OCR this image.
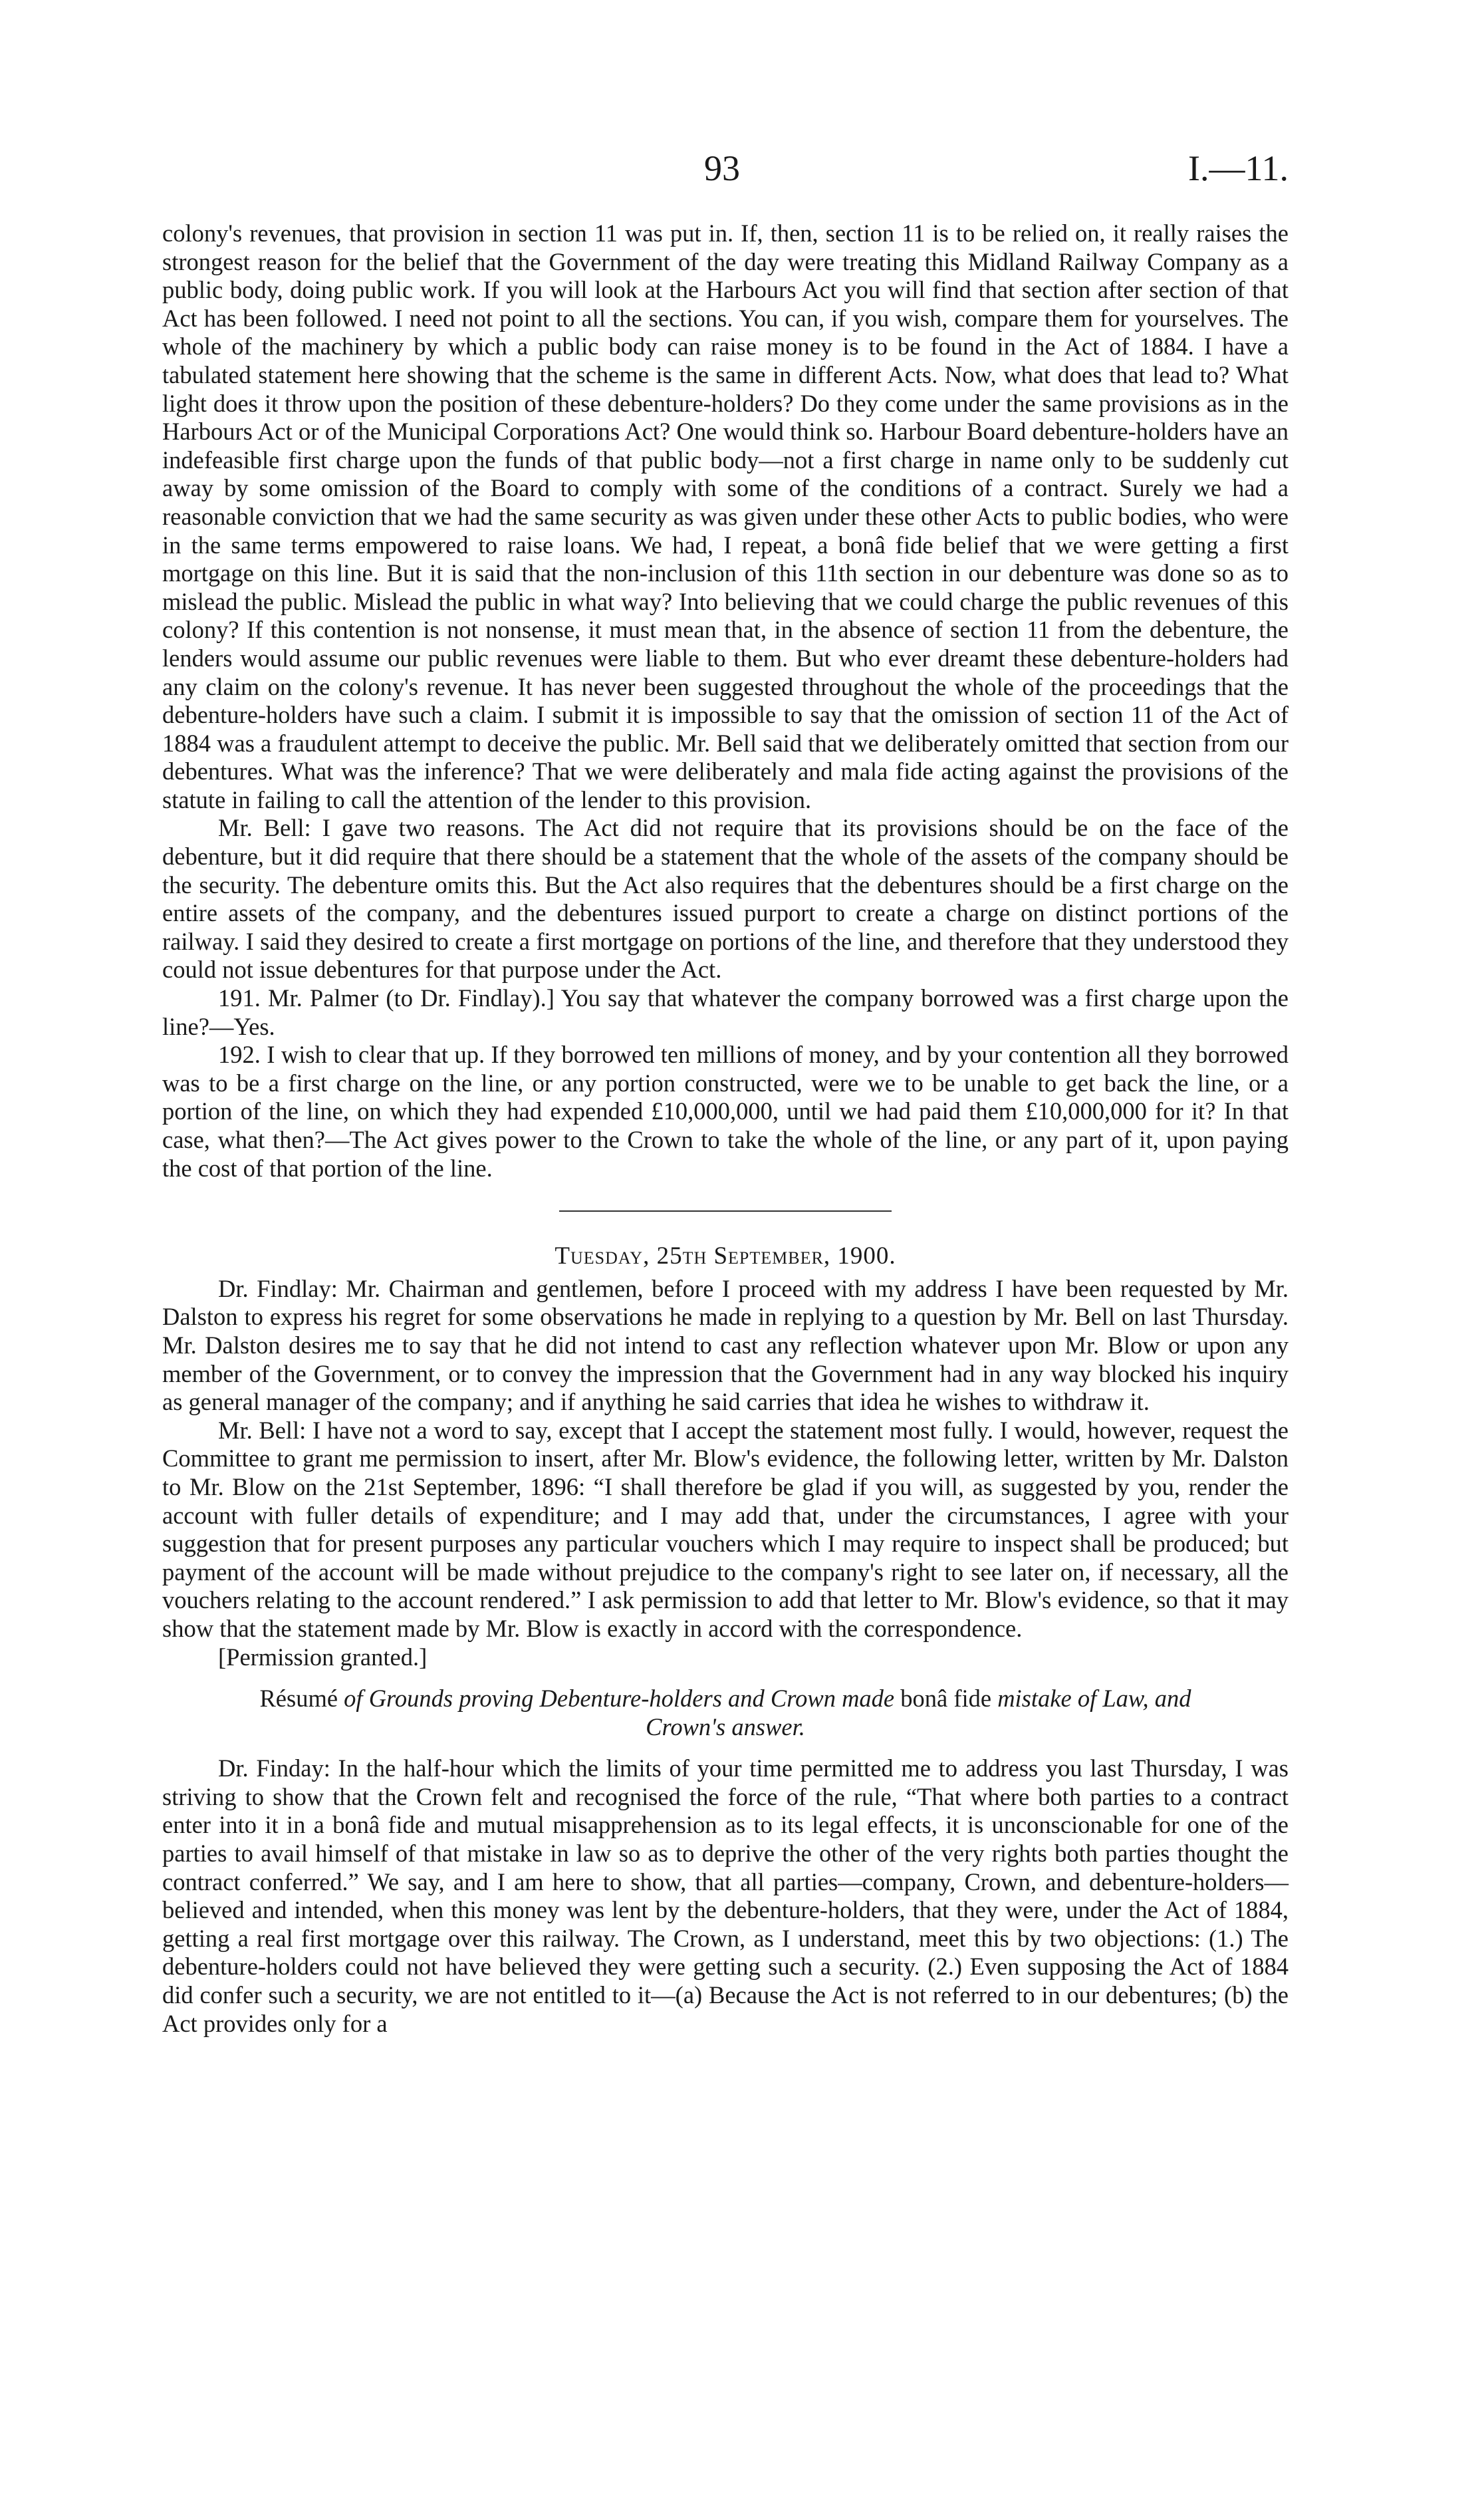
93	I.—11.

colony's revenues, that provision in section 11 was put in. If, then, section 11 is to be relied on, it really raises the strongest reason for the belief that the Government of the day were treating this Midland Railway Company as a public body, doing public work. If you will look at the Harbours Act you will find that section after section of that Act has been followed. I need not point to all the sections. You can, if you wish, compare them for yourselves. The whole of the machinery by which a public body can raise money is to be found in the Act of 1884. I have a tabulated statement here showing that the scheme is the same in different Acts. Now, what does that lead to? What light does it throw upon the position of these debenture-holders? Do they come under the same provisions as in the Harbours Act or of the Municipal Corporations Act? One would think so. Harbour Board debenture-holders have an indefeasible first charge upon the funds of that public body—not a first charge in name only to be suddenly cut away by some omission of the Board to comply with some of the conditions of a contract. Surely we had a reasonable conviction that we had the same security as was given under these other Acts to public bodies, who were in the same terms empowered to raise loans. We had, I repeat, a bonâ fide belief that we were getting a first mortgage on this line. But it is said that the non-inclusion of this 11th section in our debenture was done so as to mislead the public. Mislead the public in what way? Into believing that we could charge the public revenues of this colony? If this contention is not nonsense, it must mean that, in the absence of section 11 from the debenture, the lenders would assume our public revenues were liable to them. But who ever dreamt these debenture-holders had any claim on the colony's revenue. It has never been suggested throughout the whole of the proceedings that the debenture-holders have such a claim. I submit it is impossible to say that the omission of section 11 of the Act of 1884 was a fraudulent attempt to deceive the public. Mr. Bell said that we deliberately omitted that section from our debentures. What was the inference? That we were deliberately and mala fide acting against the provisions of the statute in failing to call the attention of the lender to this provision.

Mr. Bell: I gave two reasons. The Act did not require that its provisions should be on the face of the debenture, but it did require that there should be a statement that the whole of the assets of the company should be the security. The debenture omits this. But the Act also requires that the debentures should be a first charge on the entire assets of the company, and the debentures issued purport to create a charge on distinct portions of the railway. I said they desired to create a first mortgage on portions of the line, and therefore that they understood they could not issue debentures for that purpose under the Act.

191. Mr. Palmer (to Dr. Findlay).] You say that whatever the company borrowed was a first charge upon the line?—Yes.

192. I wish to clear that up. If they borrowed ten millions of money, and by your contention all they borrowed was to be a first charge on the line, or any portion constructed, were we to be unable to get back the line, or a portion of the line, on which they had expended £10,000,000, until we had paid them £10,000,000 for it? In that case, what then?—The Act gives power to the Crown to take the whole of the line, or any part of it, upon paying the cost of that portion of the line.

Tuesday, 25th September, 1900.

Dr. Findlay: Mr. Chairman and gentlemen, before I proceed with my address I have been requested by Mr. Dalston to express his regret for some observations he made in replying to a question by Mr. Bell on last Thursday. Mr. Dalston desires me to say that he did not intend to cast any reflection whatever upon Mr. Blow or upon any member of the Government, or to convey the impression that the Government had in any way blocked his inquiry as general manager of the company; and if anything he said carries that idea he wishes to withdraw it.

Mr. Bell: I have not a word to say, except that I accept the statement most fully. I would, however, request the Committee to grant me permission to insert, after Mr. Blow's evidence, the following letter, written by Mr. Dalston to Mr. Blow on the 21st September, 1896: “I shall therefore be glad if you will, as suggested by you, render the account with fuller details of expenditure; and I may add that, under the circumstances, I agree with your suggestion that for present purposes any particular vouchers which I may require to inspect shall be produced; but payment of the account will be made without prejudice to the company's right to see later on, if necessary, all the vouchers relating to the account rendered.” I ask permission to add that letter to Mr. Blow's evidence, so that it may show that the statement made by Mr. Blow is exactly in accord with the correspondence.

[Permission granted.]

Résumé of Grounds proving Debenture-holders and Crown made bonâ fide mistake of Law, and
Crown's answer.

Dr. Finday: In the half-hour which the limits of your time permitted me to address you last Thursday, I was striving to show that the Crown felt and recognised the force of the rule, “That where both parties to a contract enter into it in a bonâ fide and mutual misapprehension as to its legal effects, it is unconscionable for one of the parties to avail himself of that mistake in law so as to deprive the other of the very rights both parties thought the contract conferred.” We say, and I am here to show, that all parties—company, Crown, and debenture-holders—believed and intended, when this money was lent by the debenture-holders, that they were, under the Act of 1884, getting a real first mortgage over this railway. The Crown, as I understand, meet this by two objections: (1.) The debenture-holders could not have believed they were getting such a security. (2.) Even supposing the Act of 1884 did confer such a security, we are not entitled to it—(a) Because the Act is not referred to in our debentures; (b) the Act provides only for a
